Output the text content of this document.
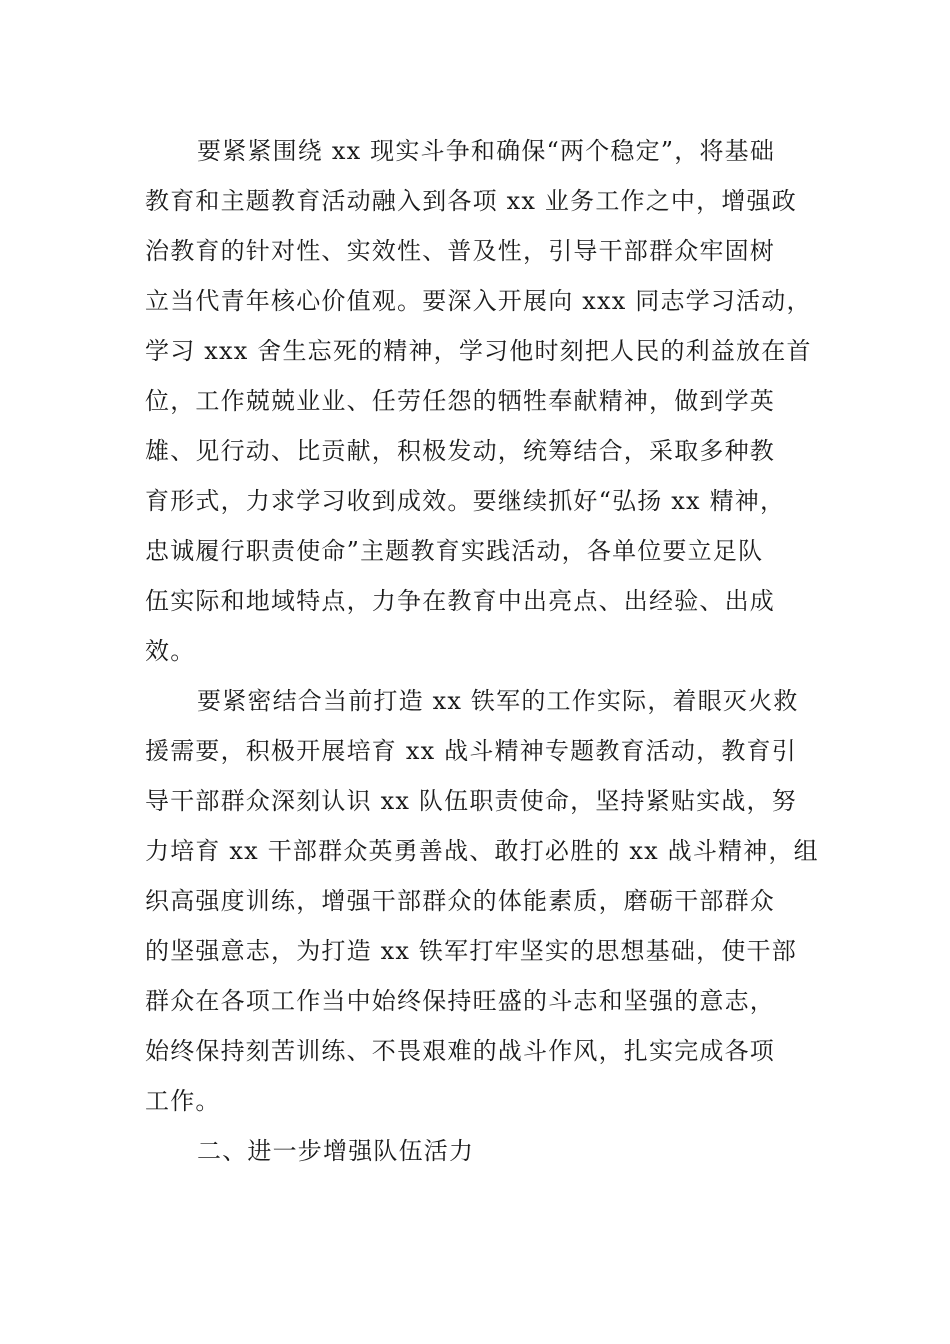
要紧紧围绕 xx 现实斗争和确保“两个稳定”，将基础
教育和主题教育活动融入到各项 xx 业务工作之中，增强政
治教育的针对性、实效性、普及性，引导干部群众牢固树
立当代青年核心价值观。要深入开展向 xxx 同志学习活动，
学习 xxx 舍生忘死的精神，学习他时刻把人民的利益放在首
位，工作兢兢业业、任劳任怨的牺牲奉献精神，做到学英
雄、见行动、比贡献，积极发动，统筹结合，采取多种教
育形式，力求学习收到成效。要继续抓好“弘扬 xx 精神，
忠诚履行职责使命”主题教育实践活动，各单位要立足队
伍实际和地域特点，力争在教育中出亮点、出经验、出成
效。
要紧密结合当前打造 xx 铁军的工作实际，着眼灭火救
援需要，积极开展培育 xx 战斗精神专题教育活动，教育引
导干部群众深刻认识 xx 队伍职责使命，坚持紧贴实战，努
力培育 xx 干部群众英勇善战、敢打必胜的 xx 战斗精神，组
织高强度训练，增强干部群众的体能素质，磨砺干部群众
的坚强意志，为打造 xx 铁军打牢坚实的思想基础，使干部
群众在各项工作当中始终保持旺盛的斗志和坚强的意志，
始终保持刻苦训练、不畏艰难的战斗作风，扎实完成各项
工作。
二、进一步增强队伍活力
